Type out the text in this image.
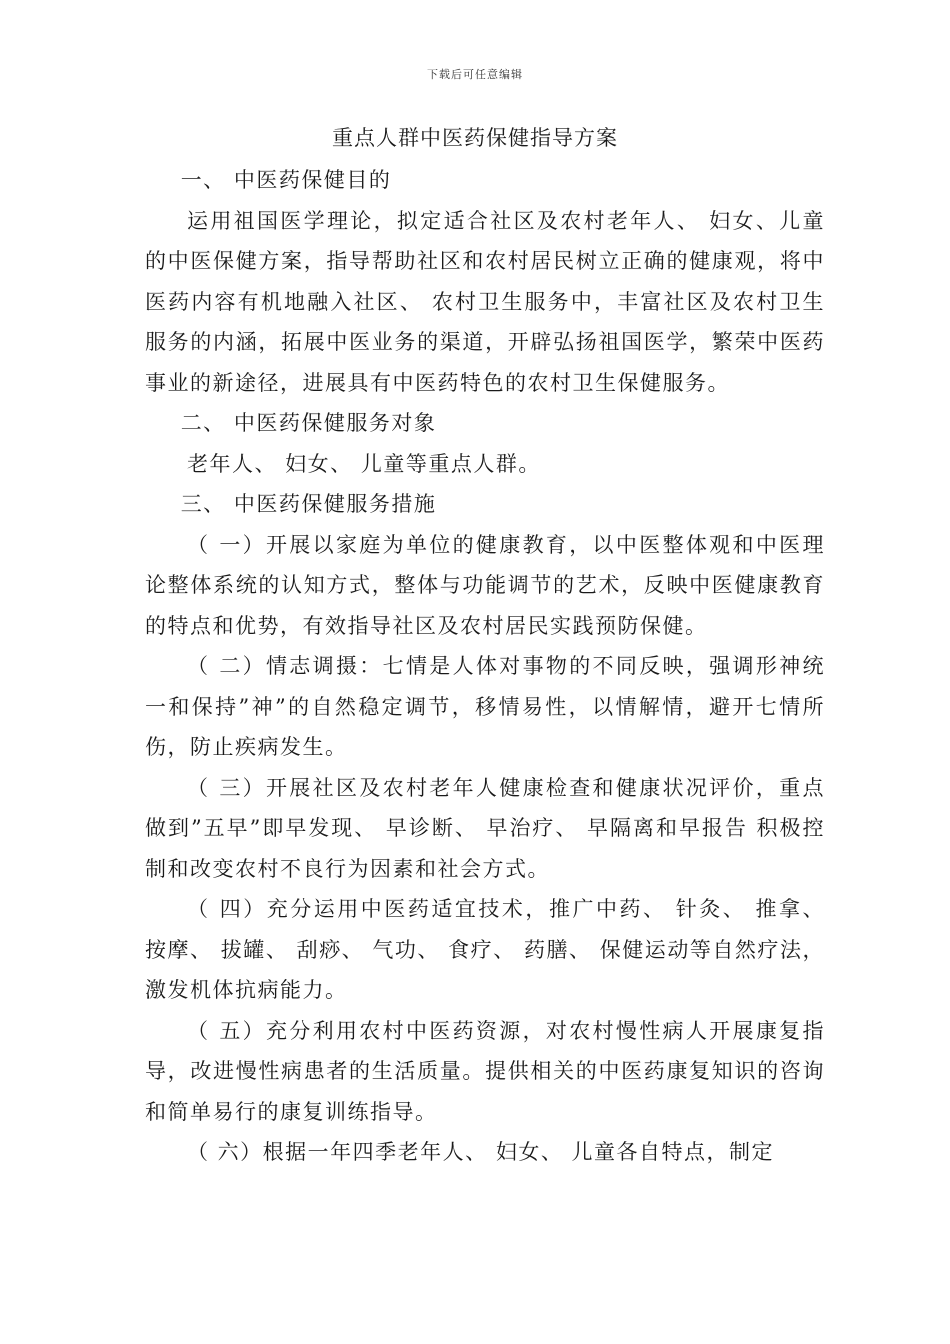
下载后可任意编辑
重点人群中医药保健指导方案

一、 中医药保健目的

运用祖国医学理论，拟定适合社区及农村老年人、 妇女、儿童的中医保健方案，指导帮助社区和农村居民树立正确的健康观，将中医药内容有机地融入社区、 农村卫生服务中，丰富社区及农村卫生服务的内涵，拓展中医业务的渠道，开辟弘扬祖国医学，繁荣中医药事业的新途径，进展具有中医药特色的农村卫生保健服务。

二、 中医药保健服务对象

老年人、 妇女、 儿童等重点人群。

三、 中医药保健服务措施

（ 一）开展以家庭为单位的健康教育，以中医整体观和中医理论整体系统的认知方式，整体与功能调节的艺术，反映中医健康教育的特点和优势，有效指导社区及农村居民实践预防保健。

（ 二）情志调摄：七情是人体对事物的不同反映，强调形神统一和保持”神”的自然稳定调节，移情易性，以情解情，避开七情所伤，防止疾病发生。

（ 三）开展社区及农村老年人健康检查和健康状况评价，重点做到”五早”即早发现、 早诊断、 早治疗、 早隔离和早报告 积极控制和改变农村不良行为因素和社会方式。

（ 四）充分运用中医药适宜技术，推广中药、 针灸、 推拿、 按摩、 拔罐、 刮痧、 气功、 食疗、 药膳、 保健运动等自然疗法，激发机体抗病能力。

（ 五）充分利用农村中医药资源，对农村慢性病人开展康复指导，改进慢性病患者的生活质量。提供相关的中医药康复知识的咨询和简单易行的康复训练指导。

（ 六）根据一年四季老年人、 妇女、 儿童各自特点，制定
